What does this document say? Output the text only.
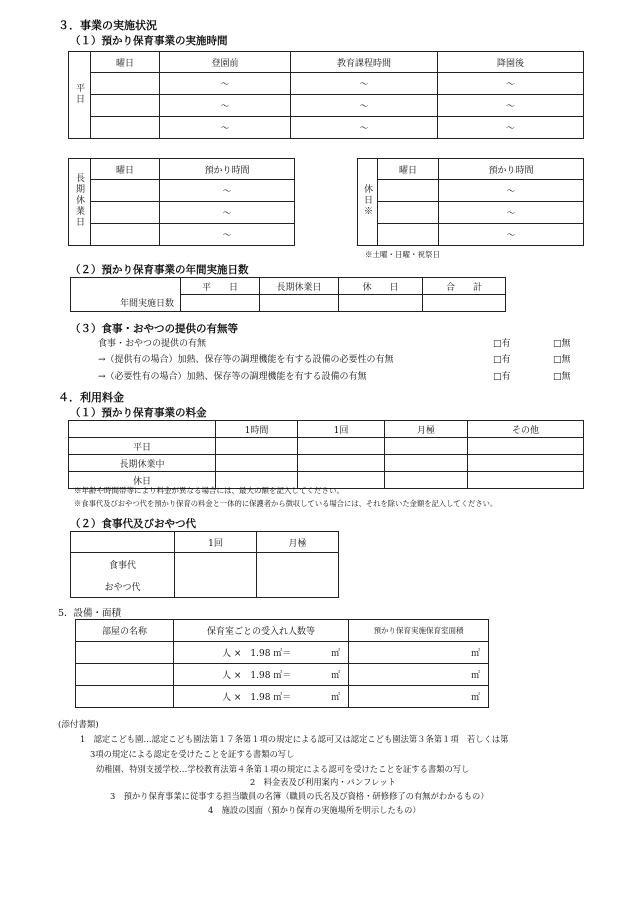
３．事業の実施状況
（１）預かり保育事業の実施時間
平日	曜日	登園前	教育課程時間	降園後
		〜	〜	〜
		〜	〜	〜
		〜	〜	〜
長期休業日	曜日	預かり時間
		〜
		〜
		〜
休日※	曜日	預かり時間
		〜
		〜
		〜
※土曜・日曜・祝祭日
（２）預かり保育事業の年間実施日数
	平　　日	長期休業日	休　　日	合　　計
年間実施日数				
（３）食事・おやつの提供の有無等
食事・おやつの提供の有無	□有	□無
→（提供有の場合）加熱、保存等の調理機能を有する設備の必要性の有無	□有	□無
→（必要性有の場合）加熱、保存等の調理機能を有する設備の有無	□有	□無
４．利用料金
（１）預かり保育事業の料金
	1時間	1回	月極	その他
平日				
長期休業中				
休日				
※年齢や時間帯等により料金が異なる場合には、最大の額を記入してください。
※食事代及びおやつ代を預かり保育の料金と一体的に保護者から徴収している場合には、それを除いた金額を記入してください。
（２）食事代及びおやつ代
	1回	月極
食事代		
おやつ代		
5．設備・面積
部屋の名称	保育室ごとの受入れ人数等	預かり保育実施保育室面積
	人 ×　1.98 ㎡＝ ㎡	㎡
	人 ×　1.98 ㎡＝ ㎡	㎡
	人 ×　1.98 ㎡＝ ㎡	㎡
(添付書類)
1　認定こども園…認定こども園法第１７条第１項の規定による認可又は認定こども園法第３条第１項　若しくは第
3項の規定による認定を受けたことを証する書類の写し
幼稚園、特別支援学校…学校教育法第４条第１項の規定による認可を受けたことを証する書類の写し
2　料金表及び利用案内・パンフレット
3　預かり保育事業に従事する担当職員の名簿（職員の氏名及び資格・研修修了の有無がわかるもの）
4　施設の図面（預かり保育の実施場所を明示したもの）
